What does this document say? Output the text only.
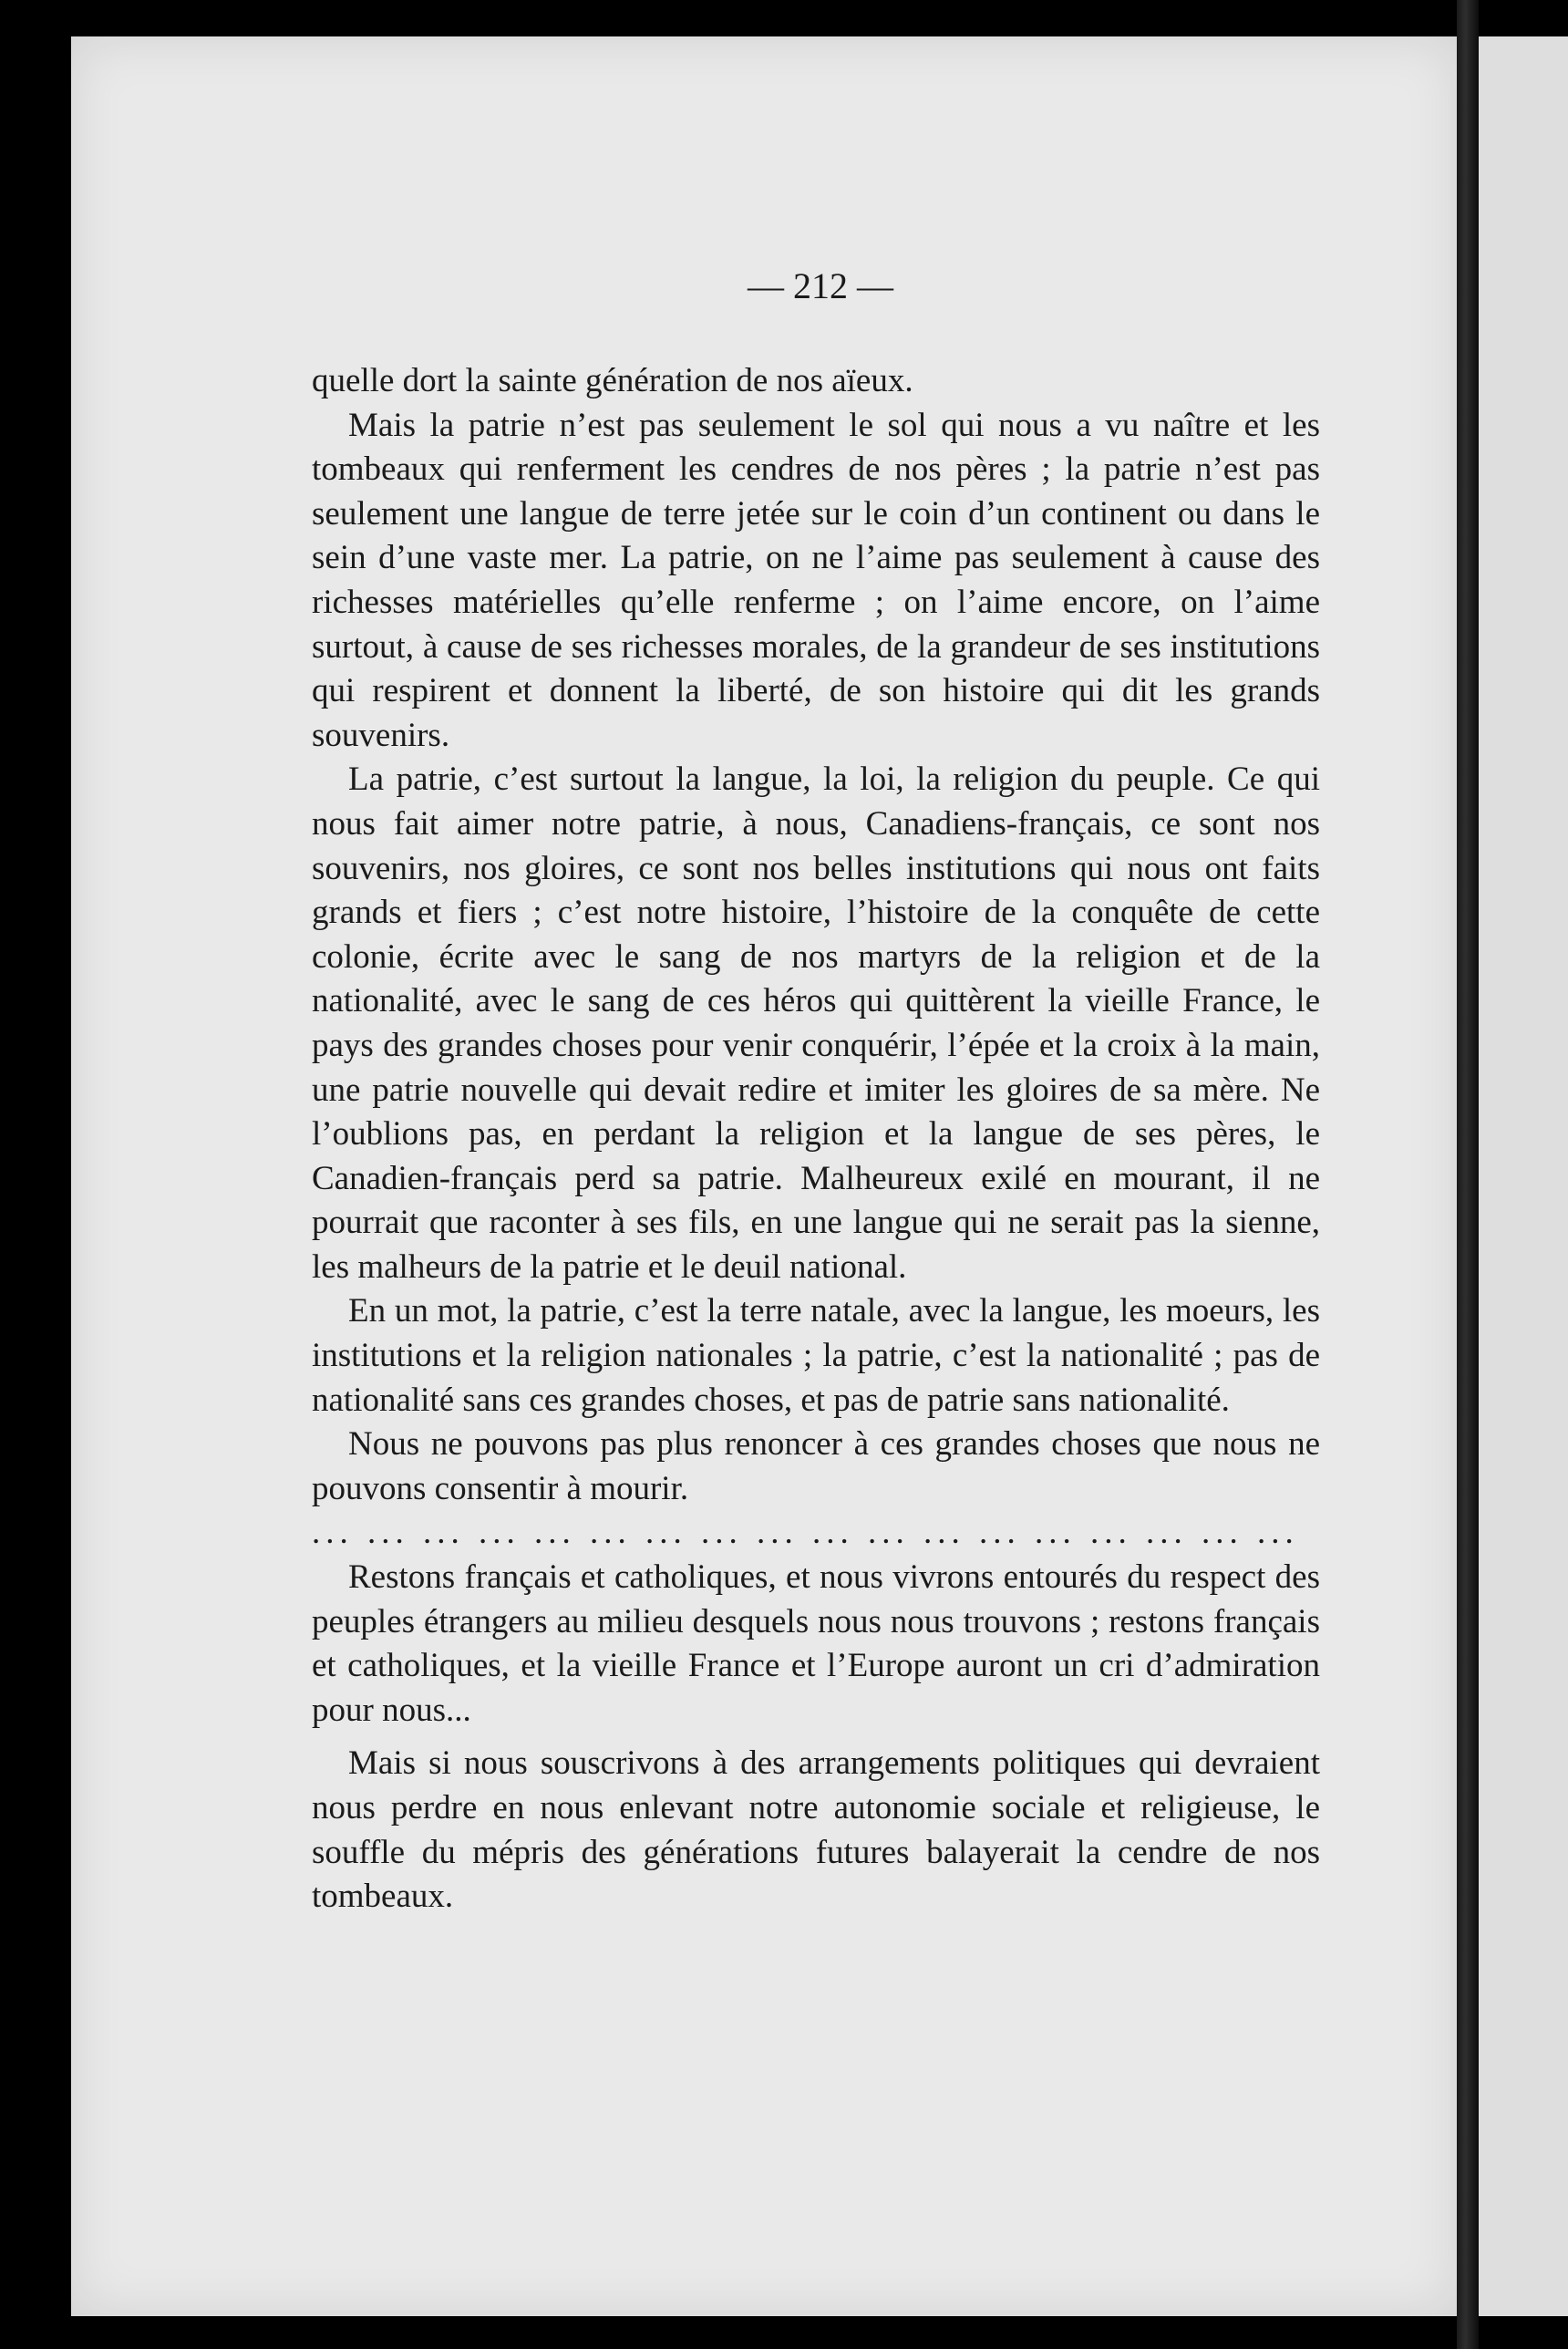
— 212 —

quelle dort la sainte génération de nos aïeux.

Mais la patrie n’est pas seulement le sol qui nous a vu naître et les tombeaux qui renferment les cendres de nos pères ; la patrie n’est pas seulement une langue de terre jetée sur le coin d’un continent ou dans le sein d’une vaste mer. La patrie, on ne l’aime pas seulement à cause des richesses matérielles qu’elle renferme ; on l’aime encore, on l’aime surtout, à cause de ses richesses morales, de la grandeur de ses institutions qui respirent et donnent la liberté, de son histoire qui dit les grands souvenirs.

La patrie, c’est surtout la langue, la loi, la religion du peuple. Ce qui nous fait aimer notre patrie, à nous, Canadiens-français, ce sont nos souvenirs, nos gloires, ce sont nos belles institutions qui nous ont faits grands et fiers ; c’est notre histoire, l’histoire de la conquête de cette colonie, écrite avec le sang de nos martyrs de la religion et de la nationalité, avec le sang de ces héros qui quittèrent la vieille France, le pays des grandes choses pour venir conquérir, l’épée et la croix à la main, une patrie nouvelle qui devait redire et imiter les gloires de sa mère. Ne l’oublions pas, en perdant la religion et la langue de ses pères, le Canadien-français perd sa patrie. Malheureux exilé en mourant, il ne pourrait que raconter à ses fils, en une langue qui ne serait pas la sienne, les malheurs de la patrie et le deuil national.

En un mot, la patrie, c’est la terre natale, avec la langue, les moeurs, les institutions et la religion nationales ; la patrie, c’est la nationalité ; pas de nationalité sans ces grandes choses, et pas de patrie sans nationalité.

Nous ne pouvons pas plus renoncer à ces grandes choses que nous ne pouvons consentir à mourir.

... ... ... ... ... ... ... ... ... ... ... ... ... ... ... ... ... ...

Restons français et catholiques, et nous vivrons entourés du respect des peuples étrangers au milieu desquels nous nous trouvons ; restons français et catholiques, et la vieille France et l’Europe auront un cri d’admiration pour nous...

Mais si nous souscrivons à des arrangements politiques qui devraient nous perdre en nous enlevant notre autonomie sociale et religieuse, le souffle du mépris des générations futures balayerait la cendre de nos tombeaux.
